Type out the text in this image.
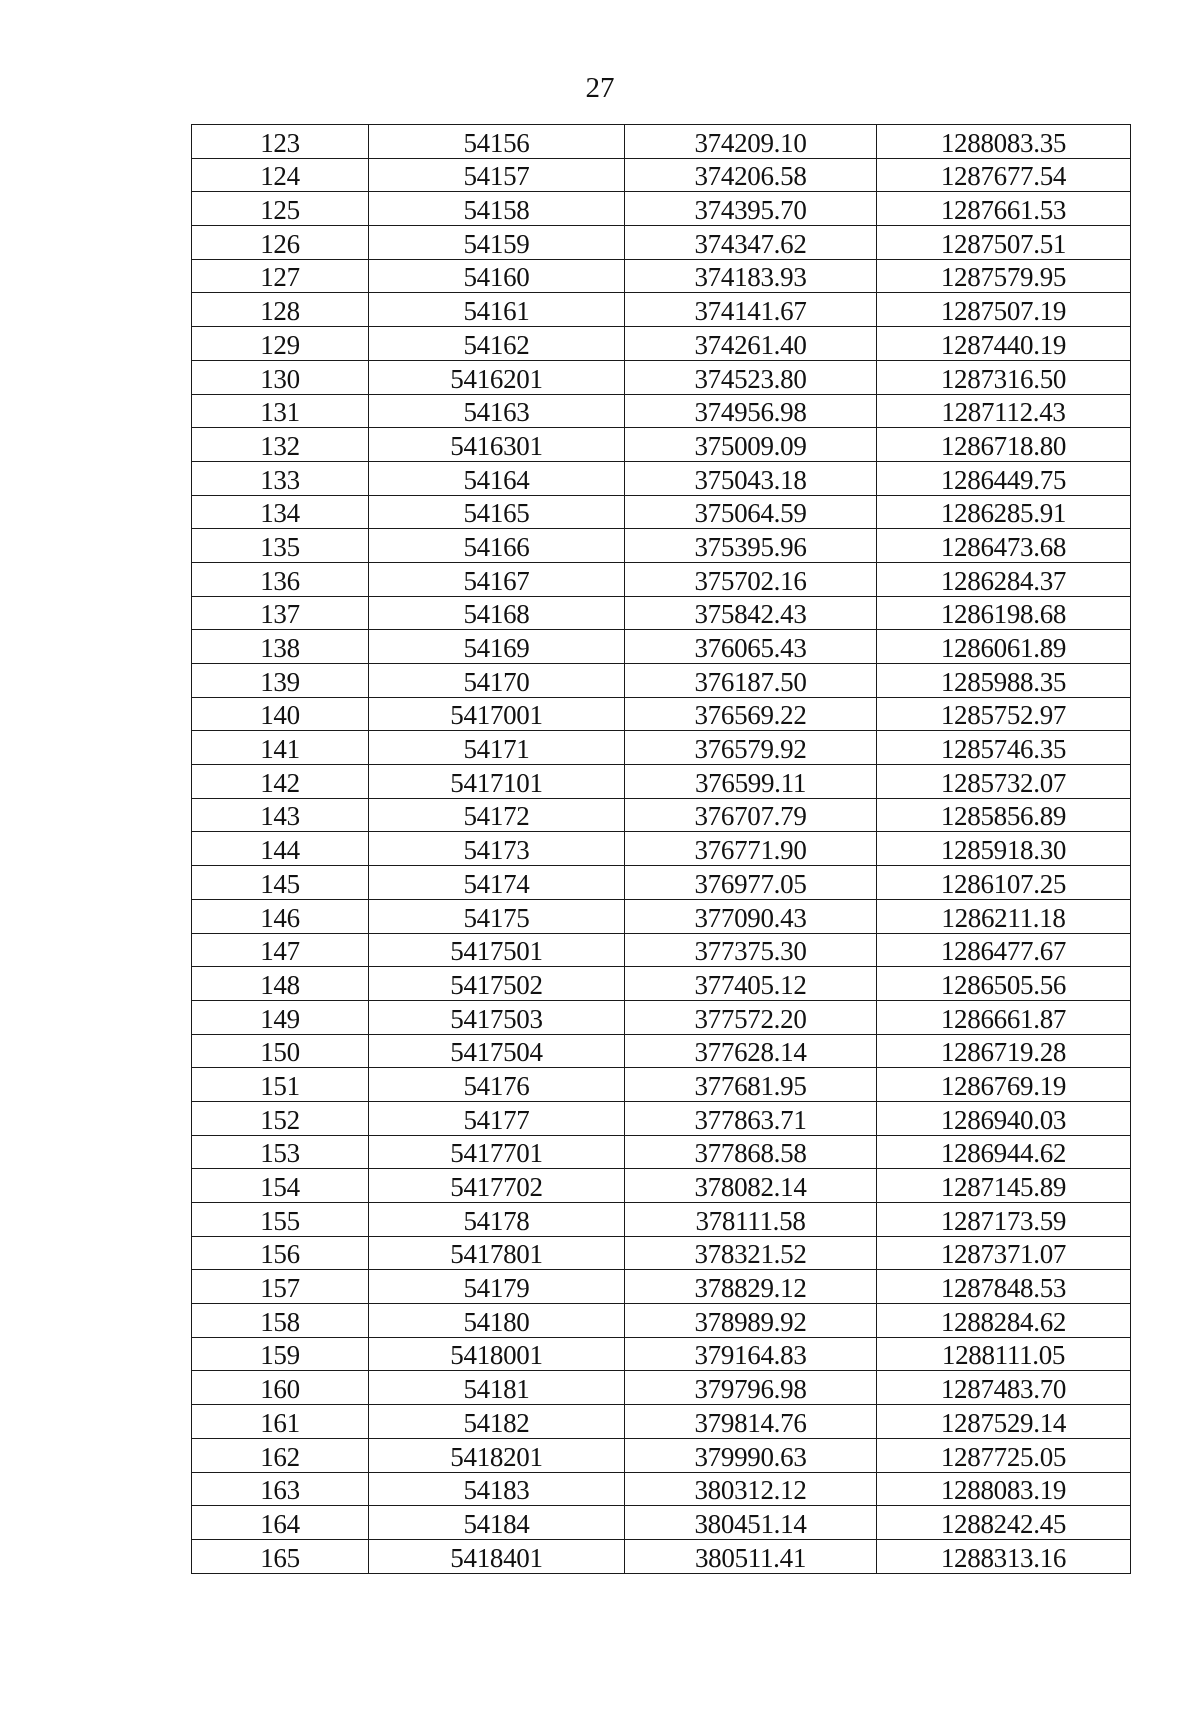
27
123	54156	374209.10	1288083.35
124	54157	374206.58	1287677.54
125	54158	374395.70	1287661.53
126	54159	374347.62	1287507.51
127	54160	374183.93	1287579.95
128	54161	374141.67	1287507.19
129	54162	374261.40	1287440.19
130	5416201	374523.80	1287316.50
131	54163	374956.98	1287112.43
132	5416301	375009.09	1286718.80
133	54164	375043.18	1286449.75
134	54165	375064.59	1286285.91
135	54166	375395.96	1286473.68
136	54167	375702.16	1286284.37
137	54168	375842.43	1286198.68
138	54169	376065.43	1286061.89
139	54170	376187.50	1285988.35
140	5417001	376569.22	1285752.97
141	54171	376579.92	1285746.35
142	5417101	376599.11	1285732.07
143	54172	376707.79	1285856.89
144	54173	376771.90	1285918.30
145	54174	376977.05	1286107.25
146	54175	377090.43	1286211.18
147	5417501	377375.30	1286477.67
148	5417502	377405.12	1286505.56
149	5417503	377572.20	1286661.87
150	5417504	377628.14	1286719.28
151	54176	377681.95	1286769.19
152	54177	377863.71	1286940.03
153	5417701	377868.58	1286944.62
154	5417702	378082.14	1287145.89
155	54178	378111.58	1287173.59
156	5417801	378321.52	1287371.07
157	54179	378829.12	1287848.53
158	54180	378989.92	1288284.62
159	5418001	379164.83	1288111.05
160	54181	379796.98	1287483.70
161	54182	379814.76	1287529.14
162	5418201	379990.63	1287725.05
163	54183	380312.12	1288083.19
164	54184	380451.14	1288242.45
165	5418401	380511.41	1288313.16
